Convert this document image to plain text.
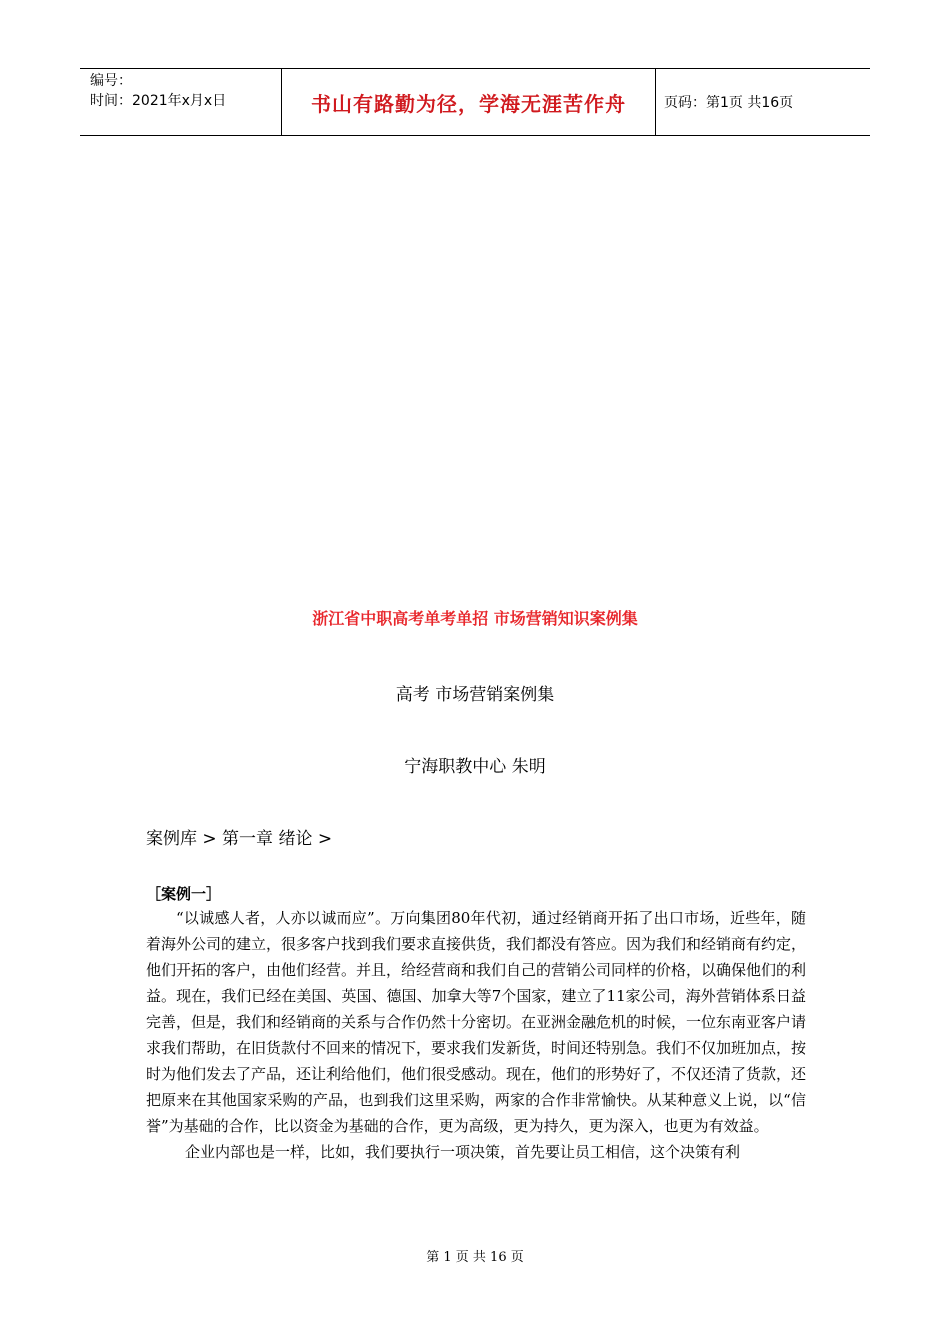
编号：
时间：2021年x月x日	书山有路勤为径，学海无涯苦作舟	页码：第1页 共16页
浙江省中职高考单考单招 市场营销知识案例集
高考 市场营销案例集
宁海职教中心 朱明
案例库 > 第一章 绪论 >
［案例一］

“以诚感人者，人亦以诚而应”。万向集团80年代初，通过经销商开拓了出口市场，近些年，随着海外公司的建立，很多客户找到我们要求直接供货，我们都没有答应。因为我们和经销商有约定，他们开拓的客户，由他们经营。并且，给经营商和我们自己的营销公司同样的价格，以确保他们的利益。现在，我们已经在美国、英国、德国、加拿大等7个国家，建立了11家公司，海外营销体系日益完善，但是，我们和经销商的关系与合作仍然十分密切。在亚洲金融危机的时候，一位东南亚客户请求我们帮助，在旧货款付不回来的情况下，要求我们发新货，时间还特别急。我们不仅加班加点，按时为他们发去了产品，还让利给他们，他们很受感动。现在，他们的形势好了，不仅还清了货款，还把原来在其他国家采购的产品，也到我们这里采购，两家的合作非常愉快。从某种意义上说，以“信誉”为基础的合作，比以资金为基础的合作，更为高级，更为持久，更为深入，也更为有效益。

企业内部也是一样，比如，我们要执行一项决策，首先要让员工相信，这个决策有利

第 1 页 共 16 页
